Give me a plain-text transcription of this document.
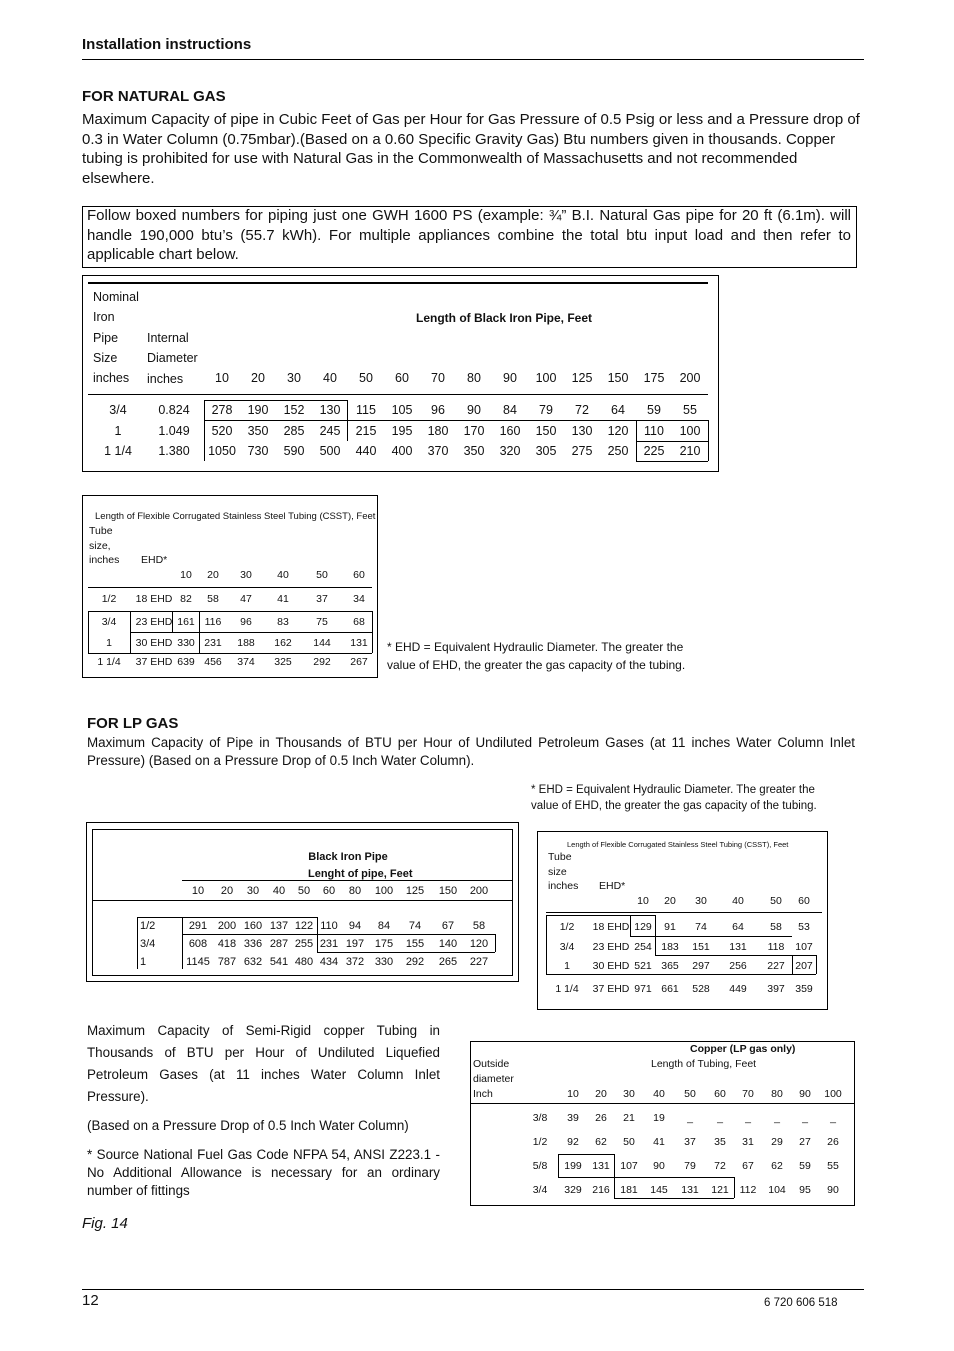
Installation instructions
FOR NATURAL GAS
Maximum Capacity of pipe in Cubic Feet of Gas per Hour for Gas Pressure of 0.5 Psig or less and a Pressure drop of 0.3 in Water Column (0.75mbar).(Based on a 0.60 Specific Gravity Gas) Btu numbers given in thousands. Copper tubing is prohibited for use with Natural Gas in the Commonwealth of Massachusetts and not recommended elsewhere.
Follow boxed numbers for piping just one GWH 1600 PS (example: ¾” B.I. Natural Gas pipe for 20 ft (6.1m). will handle 190,000 btu’s (55.7 kWh). For multiple appliances combine the total btu input load and then refer to applicable chart below.
Length of Black Iron Pipe, Feet
Nominal
Iron
Pipe
Size
inches
Internal
Diameter
inches	10	20	30	40	50	60	70	80	90	100	125	150	175	200
3/4	0.824	278	190	152	130	115	105	96	90	84	79	72	64	59	55
1	1.049	520	350	285	245	215	195	180	170	160	150	130	120	110	100
1 1/4	1.380	1050 730	590	500	440	400	370	350	320	305	275	250	225	210
Length of Flexible Corrugated Stainless Steel Tubing (CSST), Feet
Tube
size,
inches EHD*
10	20	30	40	50	60
1/2	18 EHD 82	58	47	41	37	34
3/4	23 EHD 161 116	96	83	75	68
1	30 EHD 330 231	188	162	144	131
1 1/4	37 EHD 639 456	374	325	292	267
* EHD = Equivalent Hydraulic Diameter. The greater the
value of EHD, the greater the gas capacity of the tubing.
FOR LP GAS
Maximum Capacity of Pipe in Thousands of BTU per Hour of Undiluted Petroleum Gases (at 11 inches Water Column Inlet Pressure) (Based on a Pressure Drop of 0.5 Inch Water Column).
* EHD = Equivalent Hydraulic Diameter. The greater the
value of EHD, the greater the gas capacity of the tubing.
Black Iron Pipe
Lenght of pipe, Feet
10	20	30	40	50	60	80	100	125	150	200
1/2	291 200 160 137 122 110	94	84	74	67	58
3/4	608 418 336 287 255 231 197 175	155	140	120
1	1145 787 632 541 480 434 372 330	292	265	227
Length of Flexible Corrugated Stainless Steel Tubing (CSST), Feet
Tube
size
inches EHD*
10	20	30	40	50	60
1/2	18 EHD 129	91	74	64	58	53
3/4	23 EHD 254 183	151	131	118	107
1	30 EHD 521 365	297	256	227 207
1 1/4	37 EHD 971 661	528	449	397 359
Maximum Capacity of Semi-Rigid copper Tubing in Thousands of BTU per Hour of Undiluted Liquefied Petroleum Gases (at 11 inches Water Column Inlet Pressure).
(Based on a Pressure Drop of 0.5 Inch Water Column)
* Source National Fuel Gas Code NFPA 54, ANSI Z223.1 - No Additional Allowance is necessary for an ordinary number of fittings
Copper (LP gas only)
Length of Tubing, Feet
Outside
diameter
Inch	10	20	30	40	50	60	70	80	90	100
3/8	39	26	21	19	_	_	_	_	_	_
1/2	92	62	50	41	37	35	31	29	27	26
5/8	199 131 107	90	79	72	67	62	59	55
3/4	329 216 181	145	131	121	112	104	95	90
Fig. 14
12	6 720 606 518
